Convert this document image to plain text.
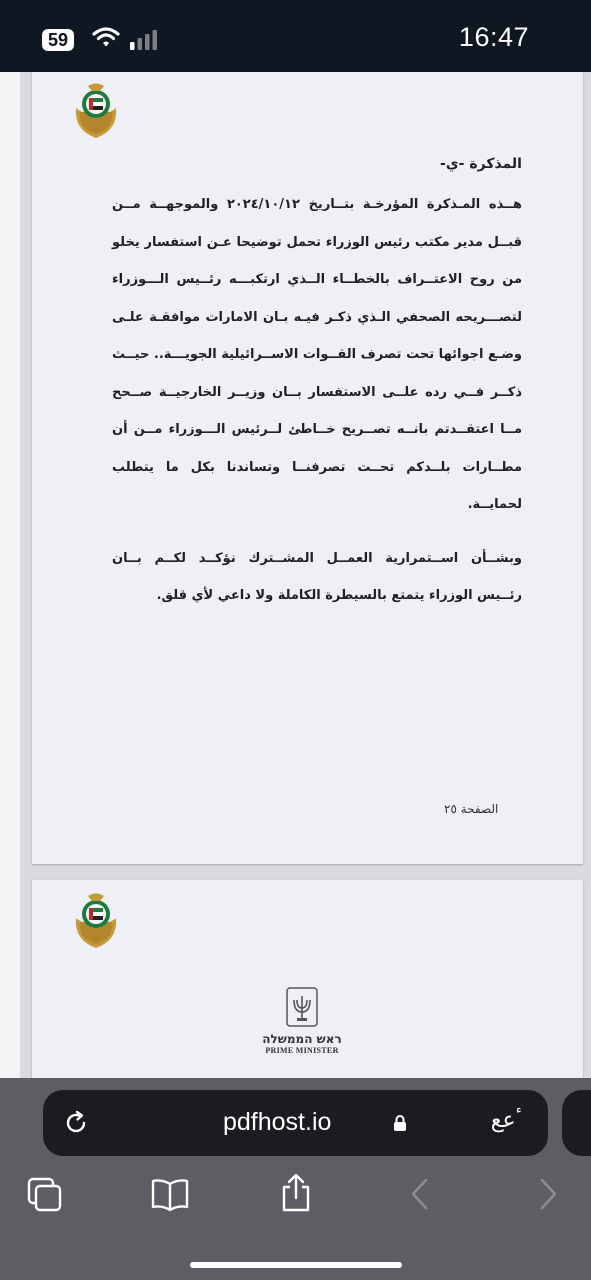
59	16:47

المذكرة -ي-

هــذه المـذكرة المؤرخـة بتــاريخ ٢٠٢٤/١٠/١٢ والموجهــة مــن قبــل مدير مكتب رئيس الوزراء تحمل توضيحا عـن استفسار يخلو من روح الاعتــراف بالخطــاء الــذي ارتكبـــه رئــيس الـــوزراء لتصـــريحه الصحفي الـذي ذكـر فيـه بـان الامارات موافقـة علـى وضـع اجوائها تحت تصرف القــوات الاســرائيلية الجويـــة.. حيــث ذكــر فــي رده علــى الاستفسار بــان وزيــر الخارجيــة صــحح مــا اعتقــدتم بانــه تصــريح خــاطئ لــرئيس الـــوزراء مــن أن مطــارات بلــدكم تحــت تصرفنــا وتساندنا بكل ما يتطلب لحمايــة.

وبشــأن اســتمرارية العمــل المشــترك نؤكــد لكــم بــان رئــيس الوزراء يتمتع بالسيطرة الكاملة ولا داعي لأي قلق.

الصفحة ٢٥
ראש הממשלה
PRIME MINISTER
pdfhost.io	ٴعع
